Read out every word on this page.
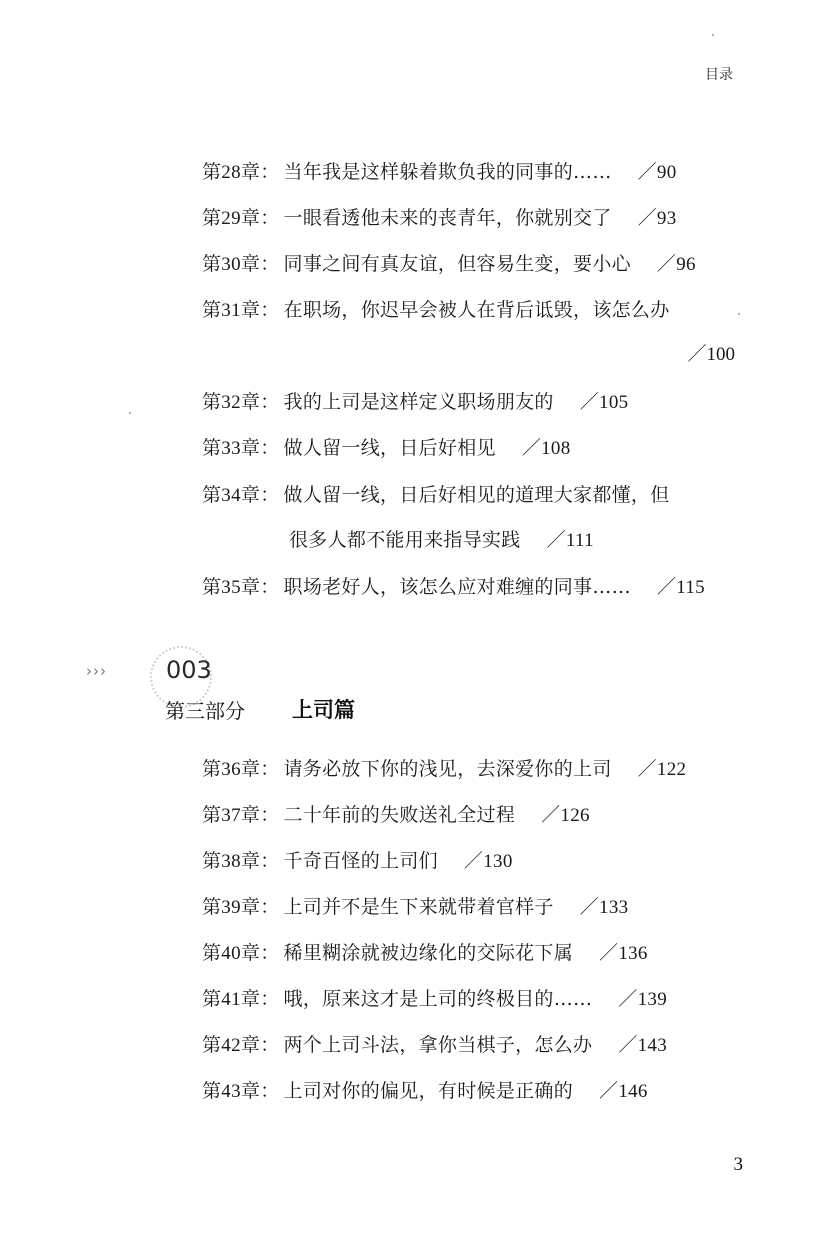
目录
第28章： 当年我是这样躲着欺负我的同事的…… ／90
第29章： 一眼看透他未来的丧青年，你就别交了 ／93
第30章： 同事之间有真友谊，但容易生变，要小心 ／96
第31章： 在职场，你迟早会被人在背后诋毁，该怎么办
／100
第32章： 我的上司是这样定义职场朋友的 ／105
第33章： 做人留一线，日后好相见 ／108
第34章： 做人留一线，日后好相见的道理大家都懂，但
很多人都不能用来指导实践 ／111
第35章： 职场老好人，该怎么应对难缠的同事…… ／115
››› 003
第三部分 上司篇
第36章： 请务必放下你的浅见，去深爱你的上司 ／122
第37章： 二十年前的失败送礼全过程 ／126
第38章： 千奇百怪的上司们 ／130
第39章： 上司并不是生下来就带着官样子 ／133
第40章： 稀里糊涂就被边缘化的交际花下属 ／136
第41章： 哦，原来这才是上司的终极目的…… ／139
第42章： 两个上司斗法，拿你当棋子，怎么办 ／143
第43章： 上司对你的偏见，有时候是正确的 ／146
3
